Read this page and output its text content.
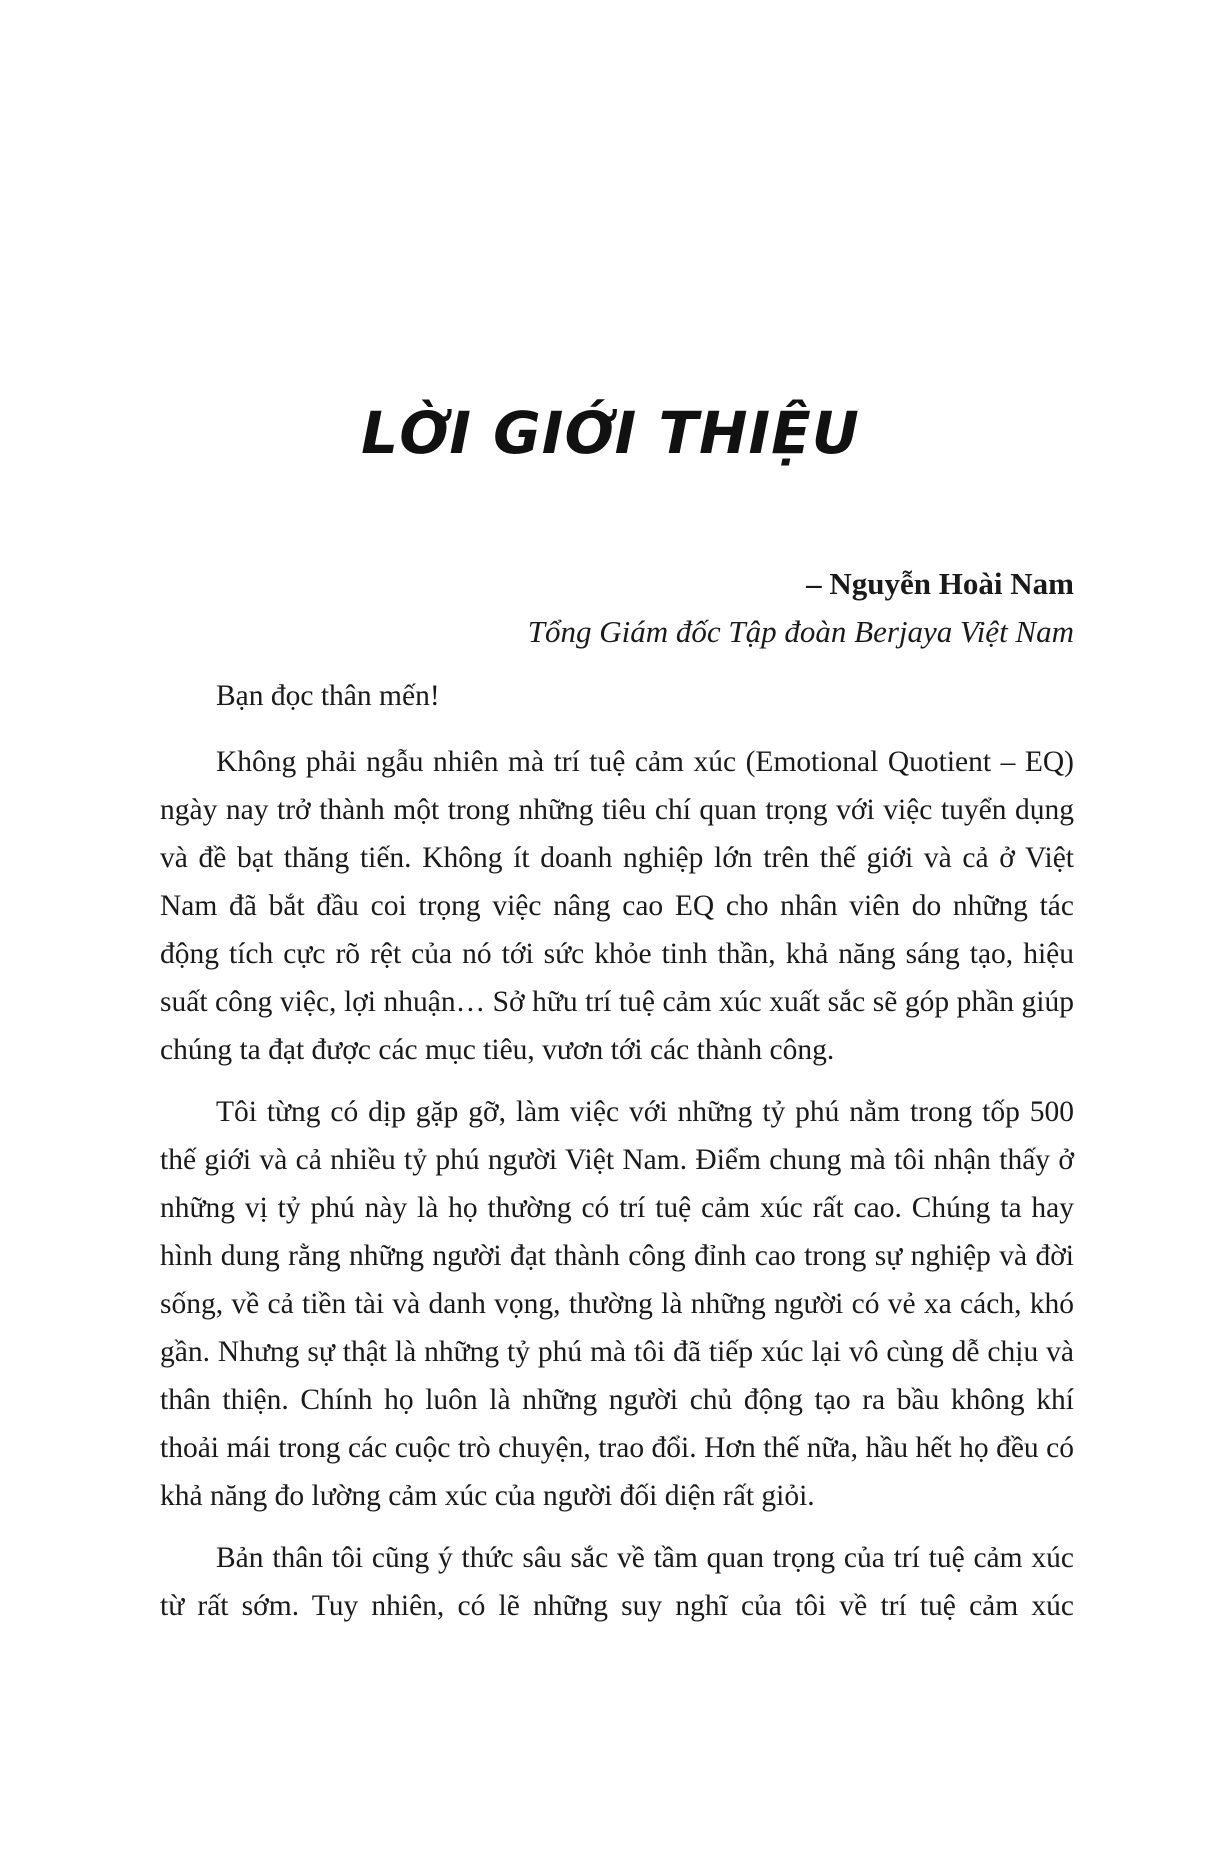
LỜI GIỚI THIỆU

– Nguyễn Hoài Nam

Tổng Giám đốc Tập đoàn Berjaya Việt Nam

Bạn đọc thân mến!

Không phải ngẫu nhiên mà trí tuệ cảm xúc (Emotional Quotient – EQ) ngày nay trở thành một trong những tiêu chí quan trọng với việc tuyển dụng và đề bạt thăng tiến. Không ít doanh nghiệp lớn trên thế giới và cả ở Việt Nam đã bắt đầu coi trọng việc nâng cao EQ cho nhân viên do những tác động tích cực rõ rệt của nó tới sức khỏe tinh thần, khả năng sáng tạo, hiệu suất công việc, lợi nhuận… Sở hữu trí tuệ cảm xúc xuất sắc sẽ góp phần giúp chúng ta đạt được các mục tiêu, vươn tới các thành công.

Tôi từng có dịp gặp gỡ, làm việc với những tỷ phú nằm trong tốp 500 thế giới và cả nhiều tỷ phú người Việt Nam. Điểm chung mà tôi nhận thấy ở những vị tỷ phú này là họ thường có trí tuệ cảm xúc rất cao. Chúng ta hay hình dung rằng những người đạt thành công đỉnh cao trong sự nghiệp và đời sống, về cả tiền tài và danh vọng, thường là những người có vẻ xa cách, khó gần. Nhưng sự thật là những tỷ phú mà tôi đã tiếp xúc lại vô cùng dễ chịu và thân thiện. Chính họ luôn là những người chủ động tạo ra bầu không khí thoải mái trong các cuộc trò chuyện, trao đổi. Hơn thế nữa, hầu hết họ đều có khả năng đo lường cảm xúc của người đối diện rất giỏi.

Bản thân tôi cũng ý thức sâu sắc về tầm quan trọng của trí tuệ cảm xúc từ rất sớm. Tuy nhiên, có lẽ những suy nghĩ của tôi về trí tuệ cảm xúc
